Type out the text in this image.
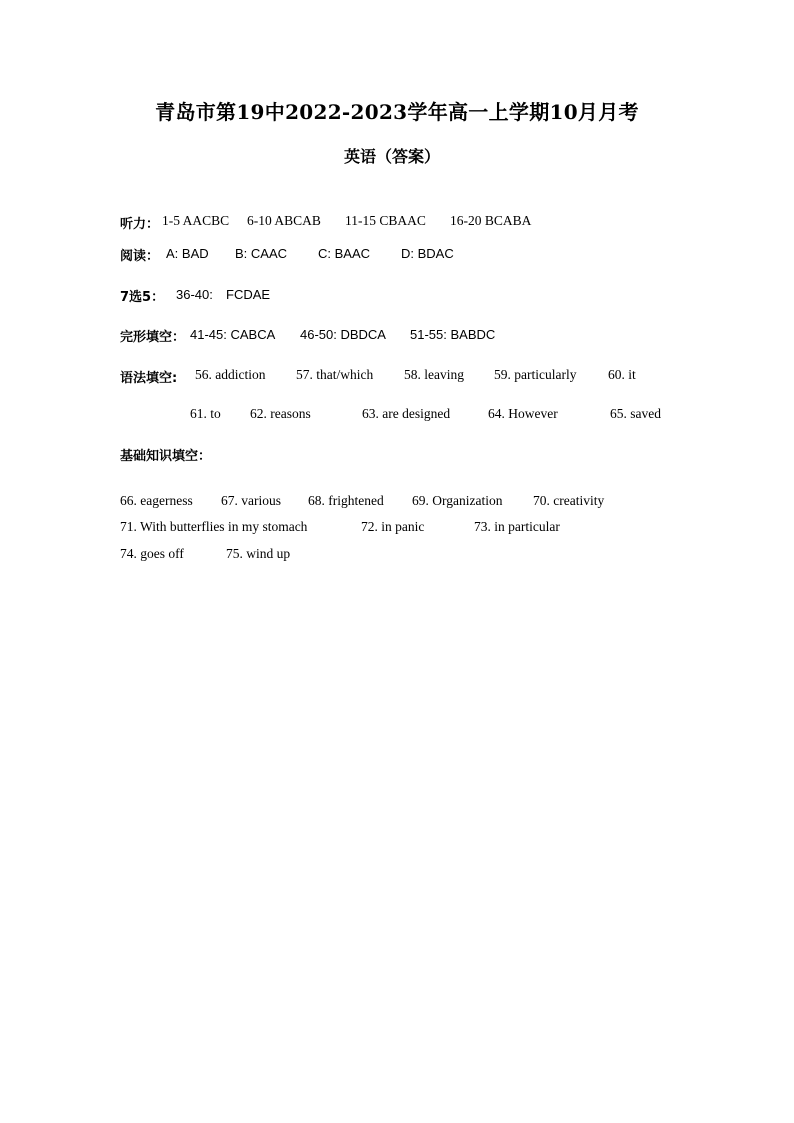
青岛市第19中2022-2023学年高一上学期10月月考
英语（答案）
听力： 1-5 AACBC 6-10 ABCAB 11-15 CBAAC 16-20 BCABA
阅读： A: BAD B: CAAC C: BAAC D: BDAC
7选5： 36-40: FCDAE
完形填空： 41-45: CABCA 46-50: DBDCA 51-55: BABDC
语法填空: 56. addiction 57. that/which 58. leaving 59. particularly 60. it
61. to 62. reasons	63. are designed	64. However	65. saved
基础知识填空：
66. eagerness 67. various 68. frightened 69. Organization 70. creativity
71. With butterflies in my stomach	72. in panic	73. in particular
74. goes off	75. wind up
